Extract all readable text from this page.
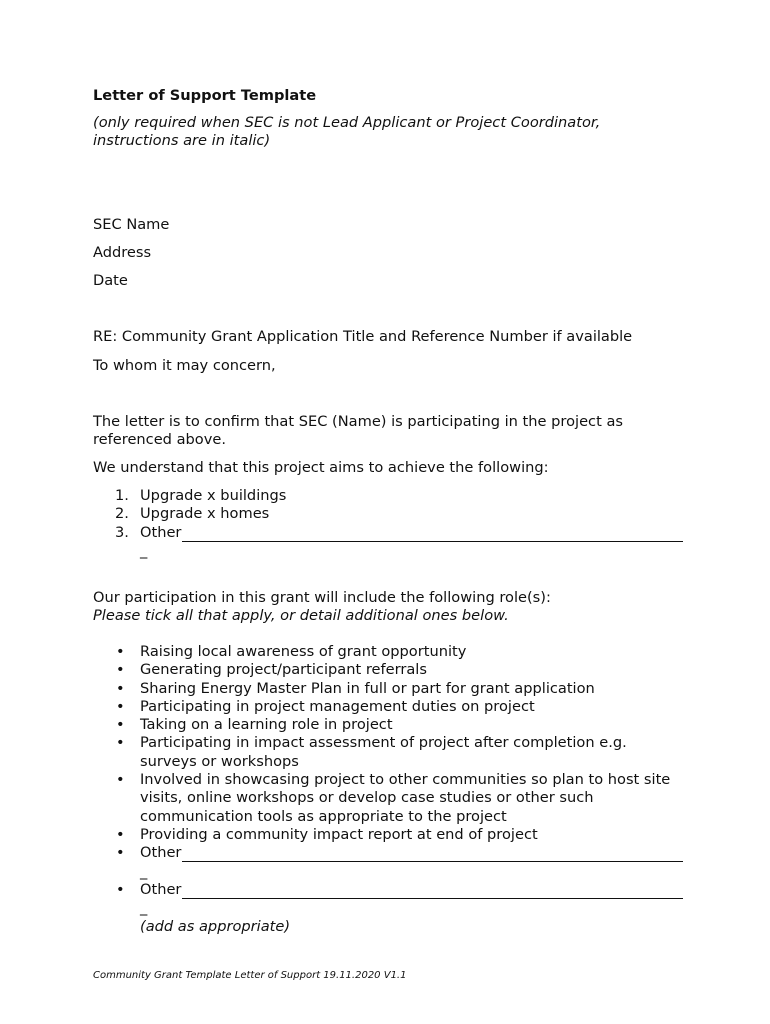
Letter of Support Template
(only required when SEC is not Lead Applicant or Project Coordinator, instructions are in italic)
SEC Name
Address
Date
RE: Community Grant Application Title and Reference Number if available
To whom it may concern,
The letter is to confirm that SEC (Name) is participating in the project as referenced above.
We understand that this project aims to achieve the following:
1. Upgrade x buildings
2. Upgrade x homes
3. Other
_
Our participation in this grant will include the following role(s):
Please tick all that apply, or detail additional ones below.
• Raising local awareness of grant opportunity
• Generating project/participant referrals
• Sharing Energy Master Plan in full or part for grant application
• Participating in project management duties on project
• Taking on a learning role in project
• Participating in impact assessment of project after completion e.g. surveys or workshops
• Involved in showcasing project to other communities so plan to host site visits, online workshops or develop case studies or other such communication tools as appropriate to the project
• Providing a community impact report at end of project
• Other
_
• Other
_
(add as appropriate)
Community Grant Template Letter of Support 19.11.2020 V1.1
